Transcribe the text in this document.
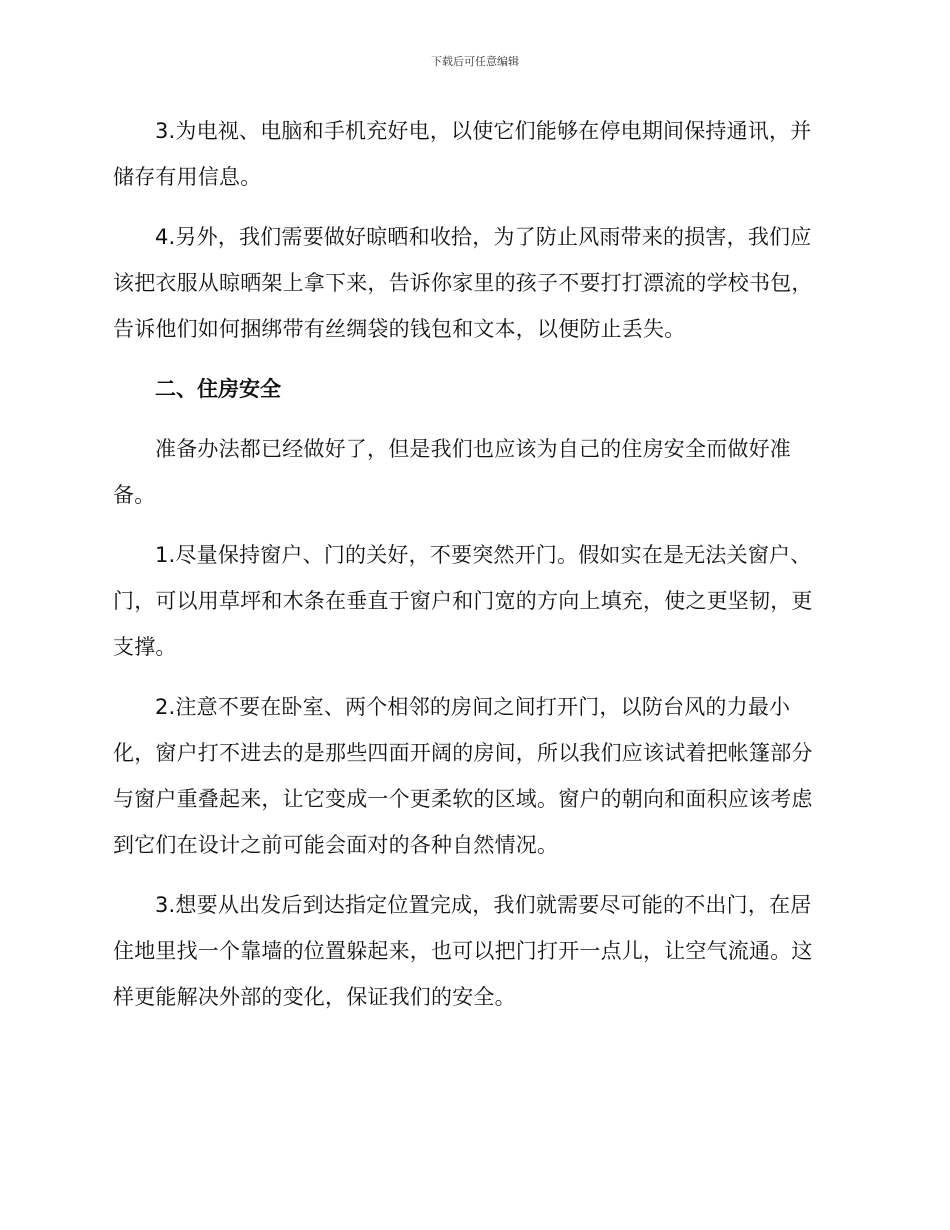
下载后可任意编辑

3.为电视、电脑和手机充好电，以使它们能够在停电期间保持通讯，并储存有用信息。

4.另外，我们需要做好晾晒和收拾，为了防止风雨带来的损害，我们应该把衣服从晾晒架上拿下来，告诉你家里的孩子不要打打漂流的学校书包，告诉他们如何捆绑带有丝绸袋的钱包和文本，以便防止丢失。

二、住房安全

准备办法都已经做好了，但是我们也应该为自己的住房安全而做好准备。

1.尽量保持窗户、门的关好，不要突然开门。假如实在是无法关窗户、门，可以用草坪和木条在垂直于窗户和门宽的方向上填充，使之更坚韧，更支撑。

2.注意不要在卧室、两个相邻的房间之间打开门，以防台风的力最小化，窗户打不进去的是那些四面开阔的房间，所以我们应该试着把帐篷部分与窗户重叠起来，让它变成一个更柔软的区域。窗户的朝向和面积应该考虑到它们在设计之前可能会面对的各种自然情况。

3.想要从出发后到达指定位置完成，我们就需要尽可能的不出门，在居住地里找一个靠墙的位置躲起来，也可以把门打开一点儿，让空气流通。这样更能解决外部的变化，保证我们的安全。
